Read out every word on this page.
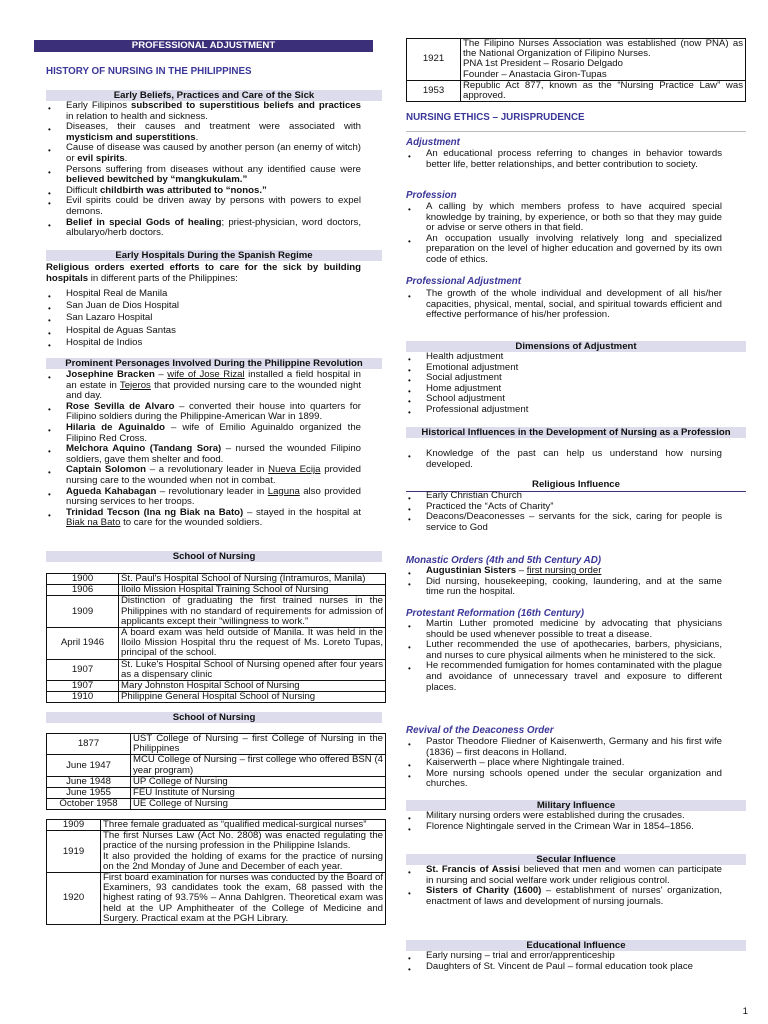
PROFESSIONAL ADJUSTMENT
HISTORY OF NURSING IN THE PHILIPPINES
Early Beliefs, Practices and Care of the Sick
• Early Filipinos subscribed to superstitious beliefs and practices in relation to health and sickness.
• Diseases, their causes and treatment were associated with mysticism and superstitions.
• Cause of disease was caused by another person (an enemy of witch) or evil spirits.
• Persons suffering from diseases without any identified cause were believed bewitched by “mangkukulam.”
• Difficult childbirth was attributed to “nonos.”
• Evil spirits could be driven away by persons with powers to expel demons.
• Belief in special Gods of healing; priest-physician, word doctors, albularyo/herb doctors.
Early Hospitals During the Spanish Regime
Religious orders exerted efforts to care for the sick by building hospitals in different parts of the Philippines:
• Hospital Real de Manila
• San Juan de Dios Hospital
• San Lazaro Hospital
• Hospital de Aguas Santas
• Hospital de Indios
Prominent Personages Involved During the Philippine Revolution
• Josephine Bracken – wife of Jose Rizal installed a field hospital in an estate in Tejeros that provided nursing care to the wounded night and day.
• Rose Sevilla de Alvaro – converted their house into quarters for Filipino soldiers during the Philippine-American War in 1899.
• Hilaria de Aguinaldo – wife of Emilio Aguinaldo organized the Filipino Red Cross.
• Melchora Aquino (Tandang Sora) – nursed the wounded Filipino soldiers, gave them shelter and food.
• Captain Solomon – a revolutionary leader in Nueva Ecija provided nursing care to the wounded when not in combat.
• Agueda Kahabagan – revolutionary leader in Laguna also provided nursing services to her troops.
• Trinidad Tecson (Ina ng Biak na Bato) – stayed in the hospital at Biak na Bato to care for the wounded soldiers.
School of Nursing
1900	St. Paul's Hospital School of Nursing (Intramuros, Manila)
1906	Iloilo Mission Hospital Training School of Nursing
1909	Distinction of graduating the first trained nurses in the Philippines with no standard of requirements for admission of applicants except their “willingness to work.”
April 1946	A board exam was held outside of Manila. It was held in the Iloilo Mission Hospital thru the request of Ms. Loreto Tupas, principal of the school.
1907	St. Luke's Hospital School of Nursing opened after four years as a dispensary clinic
1907	Mary Johnston Hospital School of Nursing
1910	Philippine General Hospital School of Nursing
School of Nursing
1877	UST College of Nursing – first College of Nursing in the Philippines
June 1947	MCU College of Nursing – first college who offered BSN (4 year program)
June 1948	UP College of Nursing
June 1955	FEU Institute of Nursing
October 1958	UE College of Nursing
1909	Three female graduated as “qualified medical-surgical nurses”
1919	The first Nurses Law (Act No. 2808) was enacted regulating the practice of the nursing profession in the Philippine Islands.
It also provided the holding of exams for the practice of nursing on the 2nd Monday of June and December of each year.
1920	First board examination for nurses was conducted by the Board of Examiners, 93 candidates took the exam, 68 passed with the highest rating of 93.75% – Anna Dahlgren. Theoretical exam was held at the UP Amphitheater of the College of Medicine and Surgery. Practical exam at the PGH Library.
1921	The Filipino Nurses Association was established (now PNA) as the National Organization of Filipino Nurses.
PNA 1st President – Rosario Delgado
Founder – Anastacia Giron-Tupas
1953	Republic Act 877, known as the “Nursing Practice Law” was approved.
NURSING ETHICS – JURISPRUDENCE
Adjustment
• An educational process referring to changes in behavior towards better life, better relationships, and better contribution to society.
Profession
• A calling by which members profess to have acquired special knowledge by training, by experience, or both so that they may guide or advise or serve others in that field.
• An occupation usually involving relatively long and specialized preparation on the level of higher education and governed by its own code of ethics.
Professional Adjustment
• The growth of the whole individual and development of all his/her capacities, physical, mental, social, and spiritual towards efficient and effective performance of his/her profession.
Dimensions of Adjustment
• Health adjustment
• Emotional adjustment
• Social adjustment
• Home adjustment
• School adjustment
• Professional adjustment
Historical Influences in the Development of Nursing as a Profession
• Knowledge of the past can help us understand how nursing developed.
Religious Influence
• Early Christian Church
• Practiced the “Acts of Charity”
• Deacons/Deaconesses – servants for the sick, caring for people is service to God
Monastic Orders (4th and 5th Century AD)
• Augustinian Sisters – first nursing order
• Did nursing, housekeeping, cooking, laundering, and at the same time run the hospital.
Protestant Reformation (16th Century)
• Martin Luther promoted medicine by advocating that physicians should be used whenever possible to treat a disease.
• Luther recommended the use of apothecaries, barbers, physicians, and nurses to cure physical ailments when he ministered to the sick.
• He recommended fumigation for homes contaminated with the plague and avoidance of unnecessary travel and exposure to different places.
Revival of the Deaconess Order
• Pastor Theodore Fliedner of Kaisenwerth, Germany and his first wife (1836) – first deacons in Holland.
• Kaiserwerth – place where Nightingale trained.
• More nursing schools opened under the secular organization and churches.
Military Influence
• Military nursing orders were established during the crusades.
• Florence Nightingale served in the Crimean War in 1854–1856.
Secular Influence
• St. Francis of Assisi believed that men and women can participate in nursing and social welfare work under religious control.
• Sisters of Charity (1600) – establishment of nurses' organization, enactment of laws and development of nursing journals.
Educational Influence
• Early nursing – trial and error/apprenticeship
• Daughters of St. Vincent de Paul – formal education took place
1
